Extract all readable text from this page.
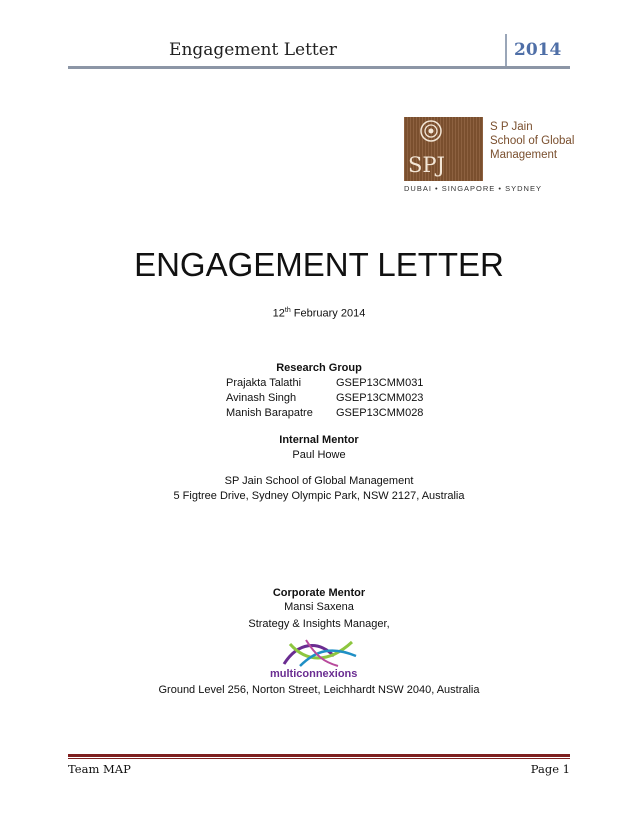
Engagement Letter	2014
SPJ
S P Jain
School of Global
Management
DUBAI • SINGAPORE • SYDNEY
ENGAGEMENT LETTER
12th February 2014
Research Group
Prajakta Talathi	GSEP13CMM031
Avinash Singh	GSEP13CMM023
Manish Barapatre GSEP13CMM028
Internal Mentor
Paul Howe
SP Jain School of Global Management
5 Figtree Drive, Sydney Olympic Park, NSW 2127, Australia
Corporate Mentor
Mansi Saxena
Strategy & Insights Manager,
multiconnexions
Ground Level 256, Norton Street, Leichhardt NSW 2040, Australia
Team MAP	Page 1
